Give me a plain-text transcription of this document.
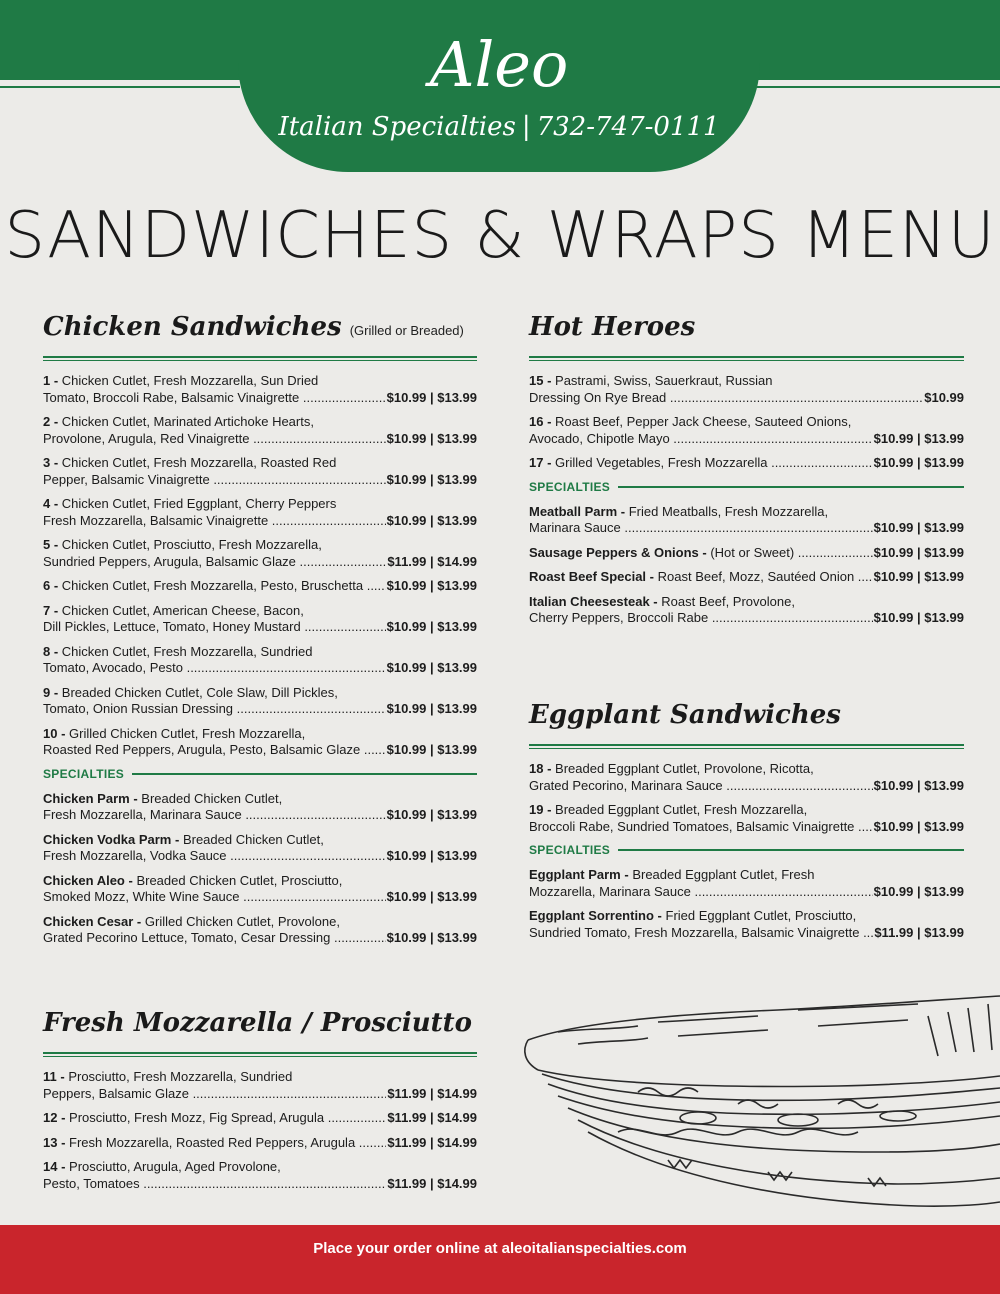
Aleo
Italian Specialties | 732-747-0111
SANDWICHES & WRAPS MENU
Chicken Sandwiches (Grilled or Breaded)
1 - Chicken Cutlet, Fresh Mozzarella, Sun Dried
Tomato, Broccoli Rabe, Balsamic Vinaigrette .....	$10.99 | $13.99
2 - Chicken Cutlet, Marinated Artichoke Hearts,
Provolone, Arugula, Red Vinaigrette .....	$10.99 | $13.99
3 - Chicken Cutlet, Fresh Mozzarella, Roasted Red
Pepper, Balsamic Vinaigrette .....	$10.99 | $13.99
4 - Chicken Cutlet, Fried Eggplant, Cherry Peppers
Fresh Mozzarella, Balsamic Vinaigrette .....	$10.99 | $13.99
5 - Chicken Cutlet, Prosciutto, Fresh Mozzarella,
Sundried Peppers, Arugula, Balsamic Glaze .....	$11.99 | $14.99
6 - Chicken Cutlet, Fresh Mozzarella, Pesto, Bruschetta .....	$10.99 | $13.99
7 - Chicken Cutlet, American Cheese, Bacon,
Dill Pickles, Lettuce, Tomato, Honey Mustard .....	$10.99 | $13.99
8 - Chicken Cutlet, Fresh Mozzarella, Sundried
Tomato, Avocado, Pesto .....	$10.99 | $13.99
9 - Breaded Chicken Cutlet, Cole Slaw, Dill Pickles,
Tomato, Onion Russian Dressing .....	$10.99 | $13.99
10 - Grilled Chicken Cutlet, Fresh Mozzarella,
Roasted Red Peppers, Arugula, Pesto, Balsamic Glaze .....	$10.99 | $13.99
SPECIALTIES
Chicken Parm - Breaded Chicken Cutlet,
Fresh Mozzarella, Marinara Sauce .....	$10.99 | $13.99
Chicken Vodka Parm - Breaded Chicken Cutlet,
Fresh Mozzarella, Vodka Sauce .....	$10.99 | $13.99
Chicken Aleo - Breaded Chicken Cutlet, Prosciutto,
Smoked Mozz, White Wine Sauce .....	$10.99 | $13.99
Chicken Cesar - Grilled Chicken Cutlet, Provolone,
Grated Pecorino Lettuce, Tomato, Cesar Dressing .....	$10.99 | $13.99
Fresh Mozzarella / Prosciutto
11 - Prosciutto, Fresh Mozzarella, Sundried
Peppers, Balsamic Glaze .....	$11.99 | $14.99
12 - Prosciutto, Fresh Mozz, Fig Spread, Arugula .....	$11.99 | $14.99
13 - Fresh Mozzarella, Roasted Red Peppers, Arugula .....	$11.99 | $14.99
14 - Prosciutto, Arugula, Aged Provolone,
Pesto, Tomatoes .....	$11.99 | $14.99
Hot Heroes
15 - Pastrami, Swiss, Sauerkraut, Russian
Dressing On Rye Bread .....	$10.99
16 - Roast Beef, Pepper Jack Cheese, Sauteed Onions,
Avocado, Chipotle Mayo .....	$10.99 | $13.99
17 - Grilled Vegetables, Fresh Mozzarella .....	$10.99 | $13.99
SPECIALTIES
Meatball Parm - Fried Meatballs, Fresh Mozzarella,
Marinara Sauce .....	$10.99 | $13.99
Sausage Peppers & Onions - (Hot or Sweet) .....	$10.99 | $13.99
Roast Beef Special - Roast Beef, Mozz, Sautéed Onion .....	$10.99 | $13.99
Italian Cheesesteak - Roast Beef, Provolone,
Cherry Peppers, Broccoli Rabe .....	$10.99 | $13.99
Eggplant Sandwiches
18 - Breaded Eggplant Cutlet, Provolone, Ricotta,
Grated Pecorino, Marinara Sauce .....	$10.99 | $13.99
19 - Breaded Eggplant Cutlet, Fresh Mozzarella,
Broccoli Rabe, Sundried Tomatoes, Balsamic Vinaigrette .....	$10.99 | $13.99
SPECIALTIES
Eggplant Parm - Breaded Eggplant Cutlet, Fresh
Mozzarella, Marinara Sauce .....	$10.99 | $13.99
Eggplant Sorrentino - Fried Eggplant Cutlet, Prosciutto,
Sundried Tomato, Fresh Mozzarella, Balsamic Vinaigrette .....	$11.99 | $13.99
Place your order online at aleoitalianspecialties.com
